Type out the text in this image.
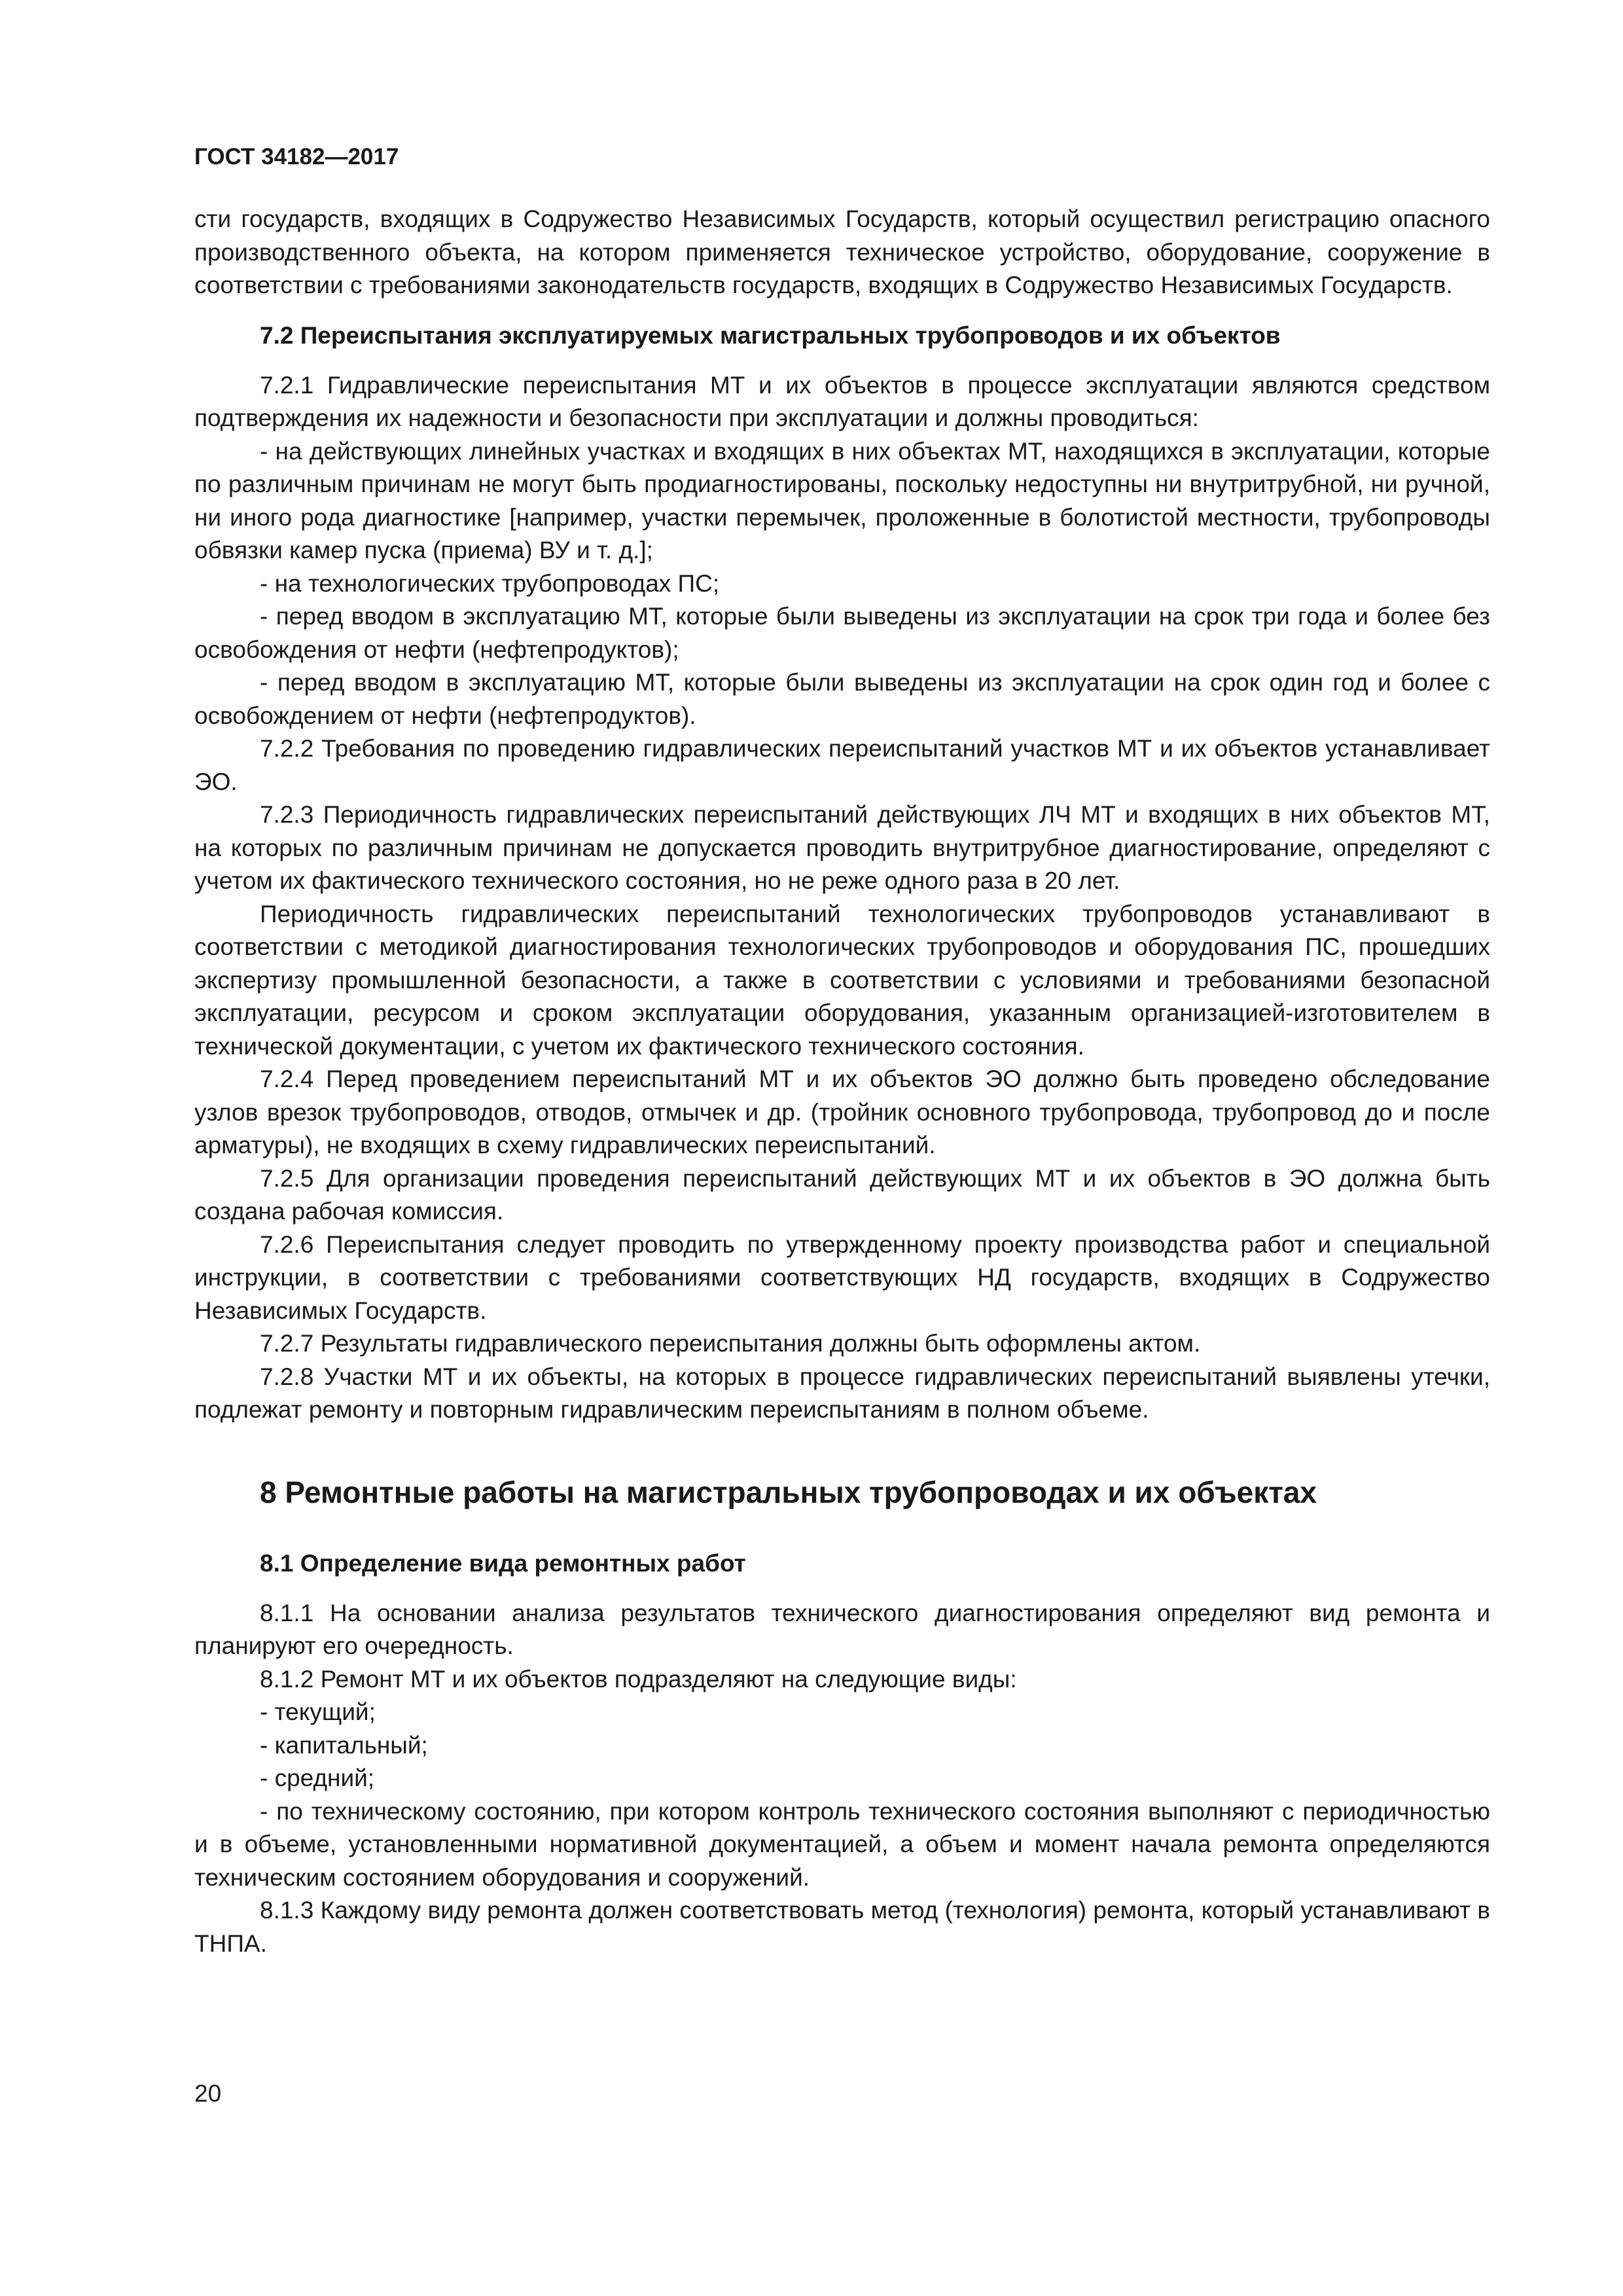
ГОСТ 34182—2017

сти государств, входящих в Содружество Независимых Государств, который осуществил регистрацию опасного производственного объекта, на котором применяется техническое устройство, оборудование, сооружение в соответствии с требованиями законодательств государств, входящих в Содружество Независимых Государств.

7.2 Переиспытания эксплуатируемых магистральных трубопроводов и их объектов

7.2.1 Гидравлические переиспытания МТ и их объектов в процессе эксплуатации являются средством подтверждения их надежности и безопасности при эксплуатации и должны проводиться:

- на действующих линейных участках и входящих в них объектах МТ, находящихся в эксплуатации, которые по различным причинам не могут быть продиагностированы, поскольку недоступны ни внутритрубной, ни ручной, ни иного рода диагностике [например, участки перемычек, проложенные в болотистой местности, трубопроводы обвязки камер пуска (приема) ВУ и т. д.];

- на технологических трубопроводах ПС;

- перед вводом в эксплуатацию МТ, которые были выведены из эксплуатации на срок три года и более без освобождения от нефти (нефтепродуктов);

- перед вводом в эксплуатацию МТ, которые были выведены из эксплуатации на срок один год и более с освобождением от нефти (нефтепродуктов).

7.2.2 Требования по проведению гидравлических переиспытаний участков МТ и их объектов устанавливает ЭО.

7.2.3 Периодичность гидравлических переиспытаний действующих ЛЧ МТ и входящих в них объектов МТ, на которых по различным причинам не допускается проводить внутритрубное диагностирование, определяют с учетом их фактического технического состояния, но не реже одного раза в 20 лет.

Периодичность гидравлических переиспытаний технологических трубопроводов устанавливают в соответствии с методикой диагностирования технологических трубопроводов и оборудования ПС, прошедших экспертизу промышленной безопасности, а также в соответствии с условиями и требованиями безопасной эксплуатации, ресурсом и сроком эксплуатации оборудования, указанным организацией-изготовителем в технической документации, с учетом их фактического технического состояния.

7.2.4 Перед проведением переиспытаний МТ и их объектов ЭО должно быть проведено обследование узлов врезок трубопроводов, отводов, отмычек и др. (тройник основного трубопровода, трубопровод до и после арматуры), не входящих в схему гидравлических переиспытаний.

7.2.5 Для организации проведения переиспытаний действующих МТ и их объектов в ЭО должна быть создана рабочая комиссия.

7.2.6 Переиспытания следует проводить по утвержденному проекту производства работ и специальной инструкции, в соответствии с требованиями соответствующих НД государств, входящих в Содружество Независимых Государств.

7.2.7 Результаты гидравлического переиспытания должны быть оформлены актом.

7.2.8 Участки МТ и их объекты, на которых в процессе гидравлических переиспытаний выявлены утечки, подлежат ремонту и повторным гидравлическим переиспытаниям в полном объеме.

8 Ремонтные работы на магистральных трубопроводах и их объектах
8.1 Определение вида ремонтных работ

8.1.1 На основании анализа результатов технического диагностирования определяют вид ремонта и планируют его очередность.

8.1.2 Ремонт МТ и их объектов подразделяют на следующие виды:

- текущий;

- капитальный;

- средний;

- по техническому состоянию, при котором контроль технического состояния выполняют с периодичностью и в объеме, установленными нормативной документацией, а объем и момент начала ремонта определяются техническим состоянием оборудования и сооружений.

8.1.3 Каждому виду ремонта должен соответствовать метод (технология) ремонта, который устанавливают в ТНПА.

20
